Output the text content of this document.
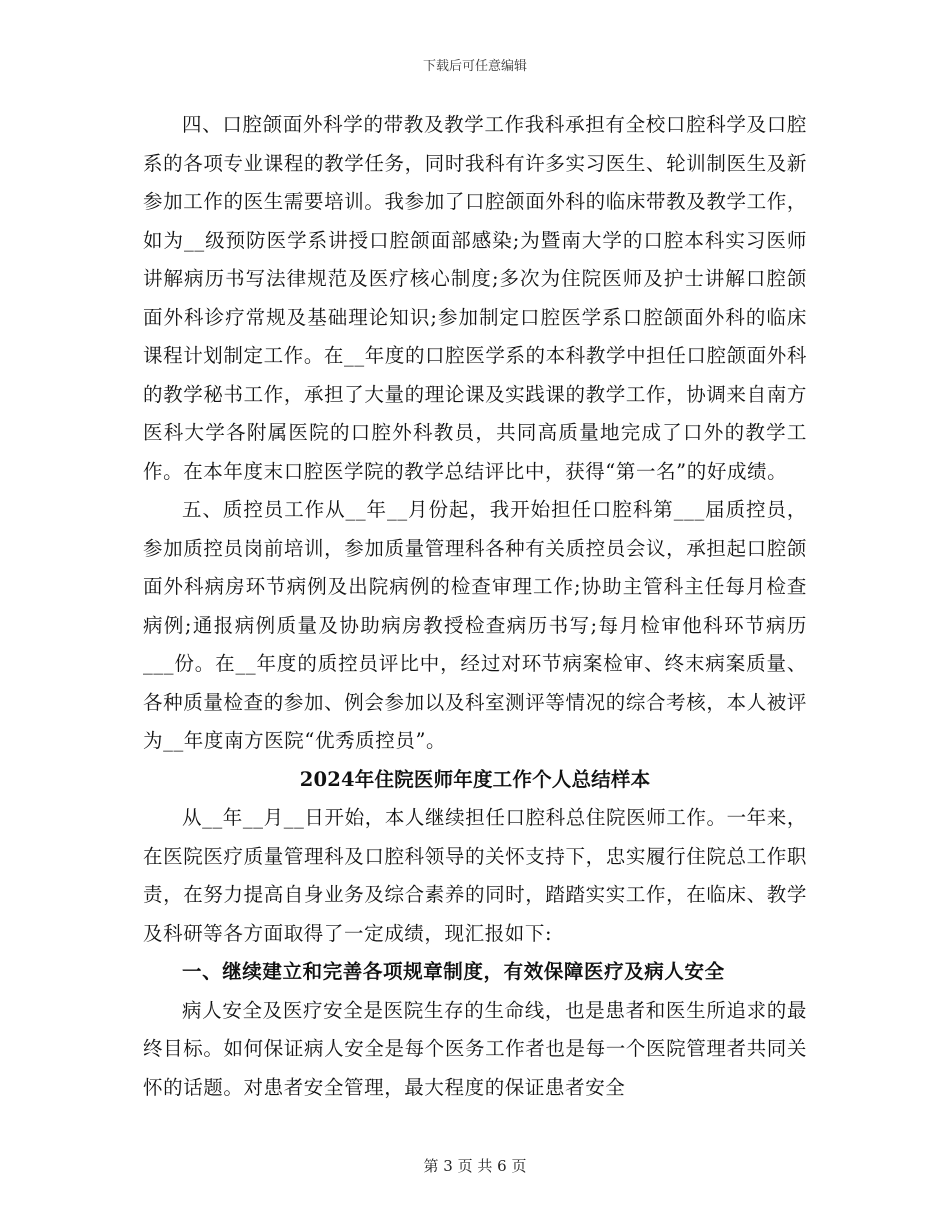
下载后可任意编辑

四、口腔颌面外科学的带教及教学工作我科承担有全校口腔科学及口腔系的各项专业课程的教学任务，同时我科有许多实习医生、轮训制医生及新参加工作的医生需要培训。我参加了口腔颌面外科的临床带教及教学工作，如为__级预防医学系讲授口腔颌面部感染;为暨南大学的口腔本科实习医师讲解病历书写法律规范及医疗核心制度;多次为住院医师及护士讲解口腔颌面外科诊疗常规及基础理论知识;参加制定口腔医学系口腔颌面外科的临床课程计划制定工作。在__年度的口腔医学系的本科教学中担任口腔颌面外科的教学秘书工作，承担了大量的理论课及实践课的教学工作，协调来自南方医科大学各附属医院的口腔外科教员，共同高质量地完成了口外的教学工作。在本年度末口腔医学院的教学总结评比中，获得“第一名”的好成绩。

五、质控员工作从__年__月份起，我开始担任口腔科第___届质控员，参加质控员岗前培训，参加质量管理科各种有关质控员会议，承担起口腔颌面外科病房环节病例及出院病例的检查审理工作;协助主管科主任每月检查病例;通报病例质量及协助病房教授检查病历书写;每月检审他科环节病历___份。在__年度的质控员评比中，经过对环节病案检审、终末病案质量、各种质量检查的参加、例会参加以及科室测评等情况的综合考核，本人被评为__年度南方医院“优秀质控员”。

2024年住院医师年度工作个人总结样本

从__年__月__日开始，本人继续担任口腔科总住院医师工作。一年来，在医院医疗质量管理科及口腔科领导的关怀支持下，忠实履行住院总工作职责，在努力提高自身业务及综合素养的同时，踏踏实实工作，在临床、教学及科研等各方面取得了一定成绩，现汇报如下:

一、继续建立和完善各项规章制度，有效保障医疗及病人安全

病人安全及医疗安全是医院生存的生命线，也是患者和医生所追求的最终目标。如何保证病人安全是每个医务工作者也是每一个医院管理者共同关怀的话题。对患者安全管理，最大程度的保证患者安全

第 3 页 共 6 页
